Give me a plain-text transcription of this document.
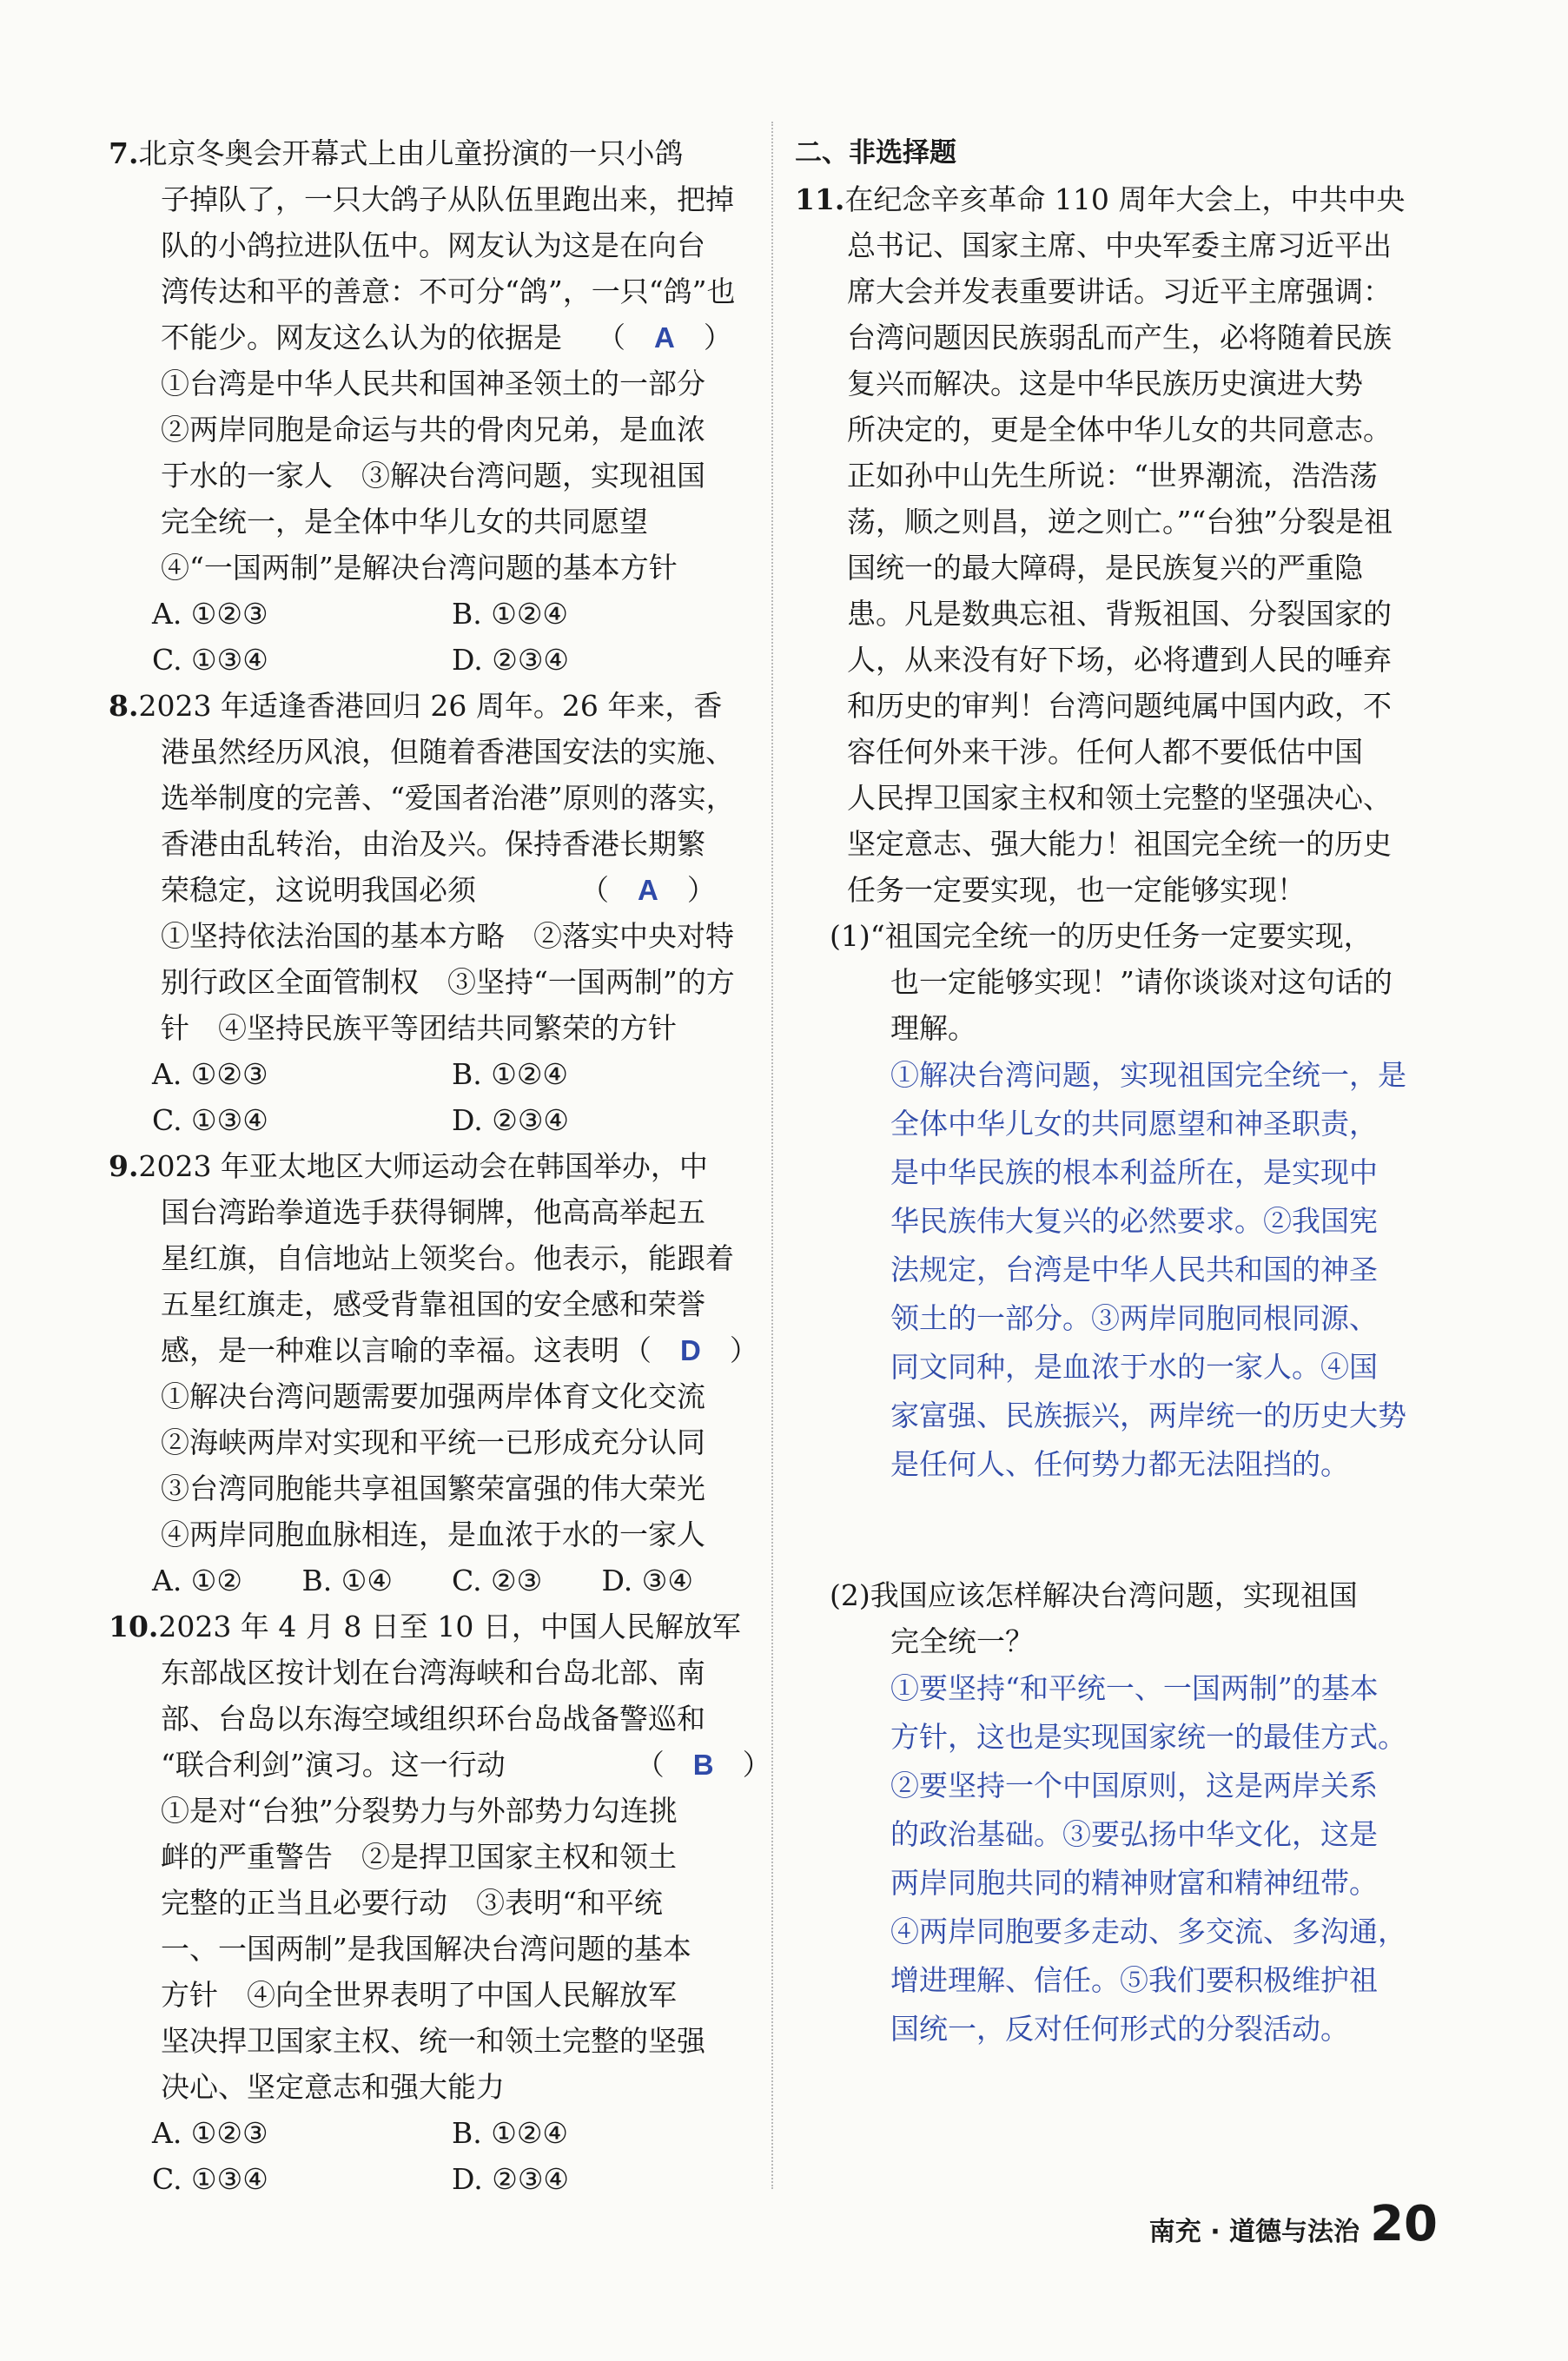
7.北京冬奥会开幕式上由儿童扮演的一只小鸽
子掉队了，一只大鸽子从队伍里跑出来，把掉
队的小鸽拉进队伍中。网友认为这是在向台
湾传达和平的善意：不可分“鸽”，一只“鸽”也
不能少。网友这么认为的依据是 （　A　）
①台湾是中华人民共和国神圣领土的一部分
②两岸同胞是命运与共的骨肉兄弟，是血浓
于水的一家人　③解决台湾问题，实现祖国
完全统一，是全体中华儿女的共同愿望
④“一国两制”是解决台湾问题的基本方针
A. ①②③	B. ①②④
C. ①③④	D. ②③④
8.2023 年适逢香港回归 26 周年。26 年来，香
港虽然经历风浪，但随着香港国安法的实施、
选举制度的完善、“爱国者治港”原则的落实，
香港由乱转治，由治及兴。保持香港长期繁
荣稳定，这说明我国必须	（　A　）
①坚持依法治国的基本方略　②落实中央对特
别行政区全面管制权　③坚持“一国两制”的方
针　④坚持民族平等团结共同繁荣的方针
A. ①②③	B. ①②④
C. ①③④	D. ②③④
9.2023 年亚太地区大师运动会在韩国举办，中
国台湾跆拳道选手获得铜牌，他高高举起五
星红旗，自信地站上领奖台。他表示，能跟着
五星红旗走，感受背靠祖国的安全感和荣誉
感，是一种难以言喻的幸福。这表明 （　D　）
①解决台湾问题需要加强两岸体育文化交流
②海峡两岸对实现和平统一已形成充分认同
③台湾同胞能共享祖国繁荣富强的伟大荣光
④两岸同胞血脉相连，是血浓于水的一家人
A. ①②	B. ①④	C. ②③	D. ③④
10.2023 年 4 月 8 日至 10 日，中国人民解放军
东部战区按计划在台湾海峡和台岛北部、南
部、台岛以东海空域组织环台岛战备警巡和
“联合利剑”演习。这一行动	（　B　）
①是对“台独”分裂势力与外部势力勾连挑
衅的严重警告　②是捍卫国家主权和领土
完整的正当且必要行动　③表明“和平统
一、一国两制”是我国解决台湾问题的基本
方针　④向全世界表明了中国人民解放军
坚决捍卫国家主权、统一和领土完整的坚强
决心、坚定意志和强大能力
A. ①②③	B. ①②④
C. ①③④	D. ②③④
二、非选择题
11.在纪念辛亥革命 110 周年大会上，中共中央
总书记、国家主席、中央军委主席习近平出
席大会并发表重要讲话。习近平主席强调：
台湾问题因民族弱乱而产生，必将随着民族
复兴而解决。这是中华民族历史演进大势
所决定的，更是全体中华儿女的共同意志。
正如孙中山先生所说：“世界潮流，浩浩荡
荡，顺之则昌，逆之则亡。”“台独”分裂是祖
国统一的最大障碍，是民族复兴的严重隐
患。凡是数典忘祖、背叛祖国、分裂国家的
人，从来没有好下场，必将遭到人民的唾弃
和历史的审判！台湾问题纯属中国内政，不
容任何外来干涉。任何人都不要低估中国
人民捍卫国家主权和领土完整的坚强决心、
坚定意志、强大能力！祖国完全统一的历史
任务一定要实现，也一定能够实现！
(1)“祖国完全统一的历史任务一定要实现，
也一定能够实现！”请你谈谈对这句话的
理解。
①解决台湾问题，实现祖国完全统一，是
全体中华儿女的共同愿望和神圣职责，
是中华民族的根本利益所在，是实现中
华民族伟大复兴的必然要求。②我国宪
法规定，台湾是中华人民共和国的神圣
领土的一部分。③两岸同胞同根同源、
同文同种，是血浓于水的一家人。④国
家富强、民族振兴，两岸统一的历史大势
是任何人、任何势力都无法阻挡的。
(2)我国应该怎样解决台湾问题，实现祖国
完全统一？
①要坚持“和平统一、一国两制”的基本
方针，这也是实现国家统一的最佳方式。
②要坚持一个中国原则，这是两岸关系
的政治基础。③要弘扬中华文化，这是
两岸同胞共同的精神财富和精神纽带。
④两岸同胞要多走动、多交流、多沟通，
增进理解、信任。⑤我们要积极维护祖
国统一，反对任何形式的分裂活动。
南充 · 道德与法治 20
